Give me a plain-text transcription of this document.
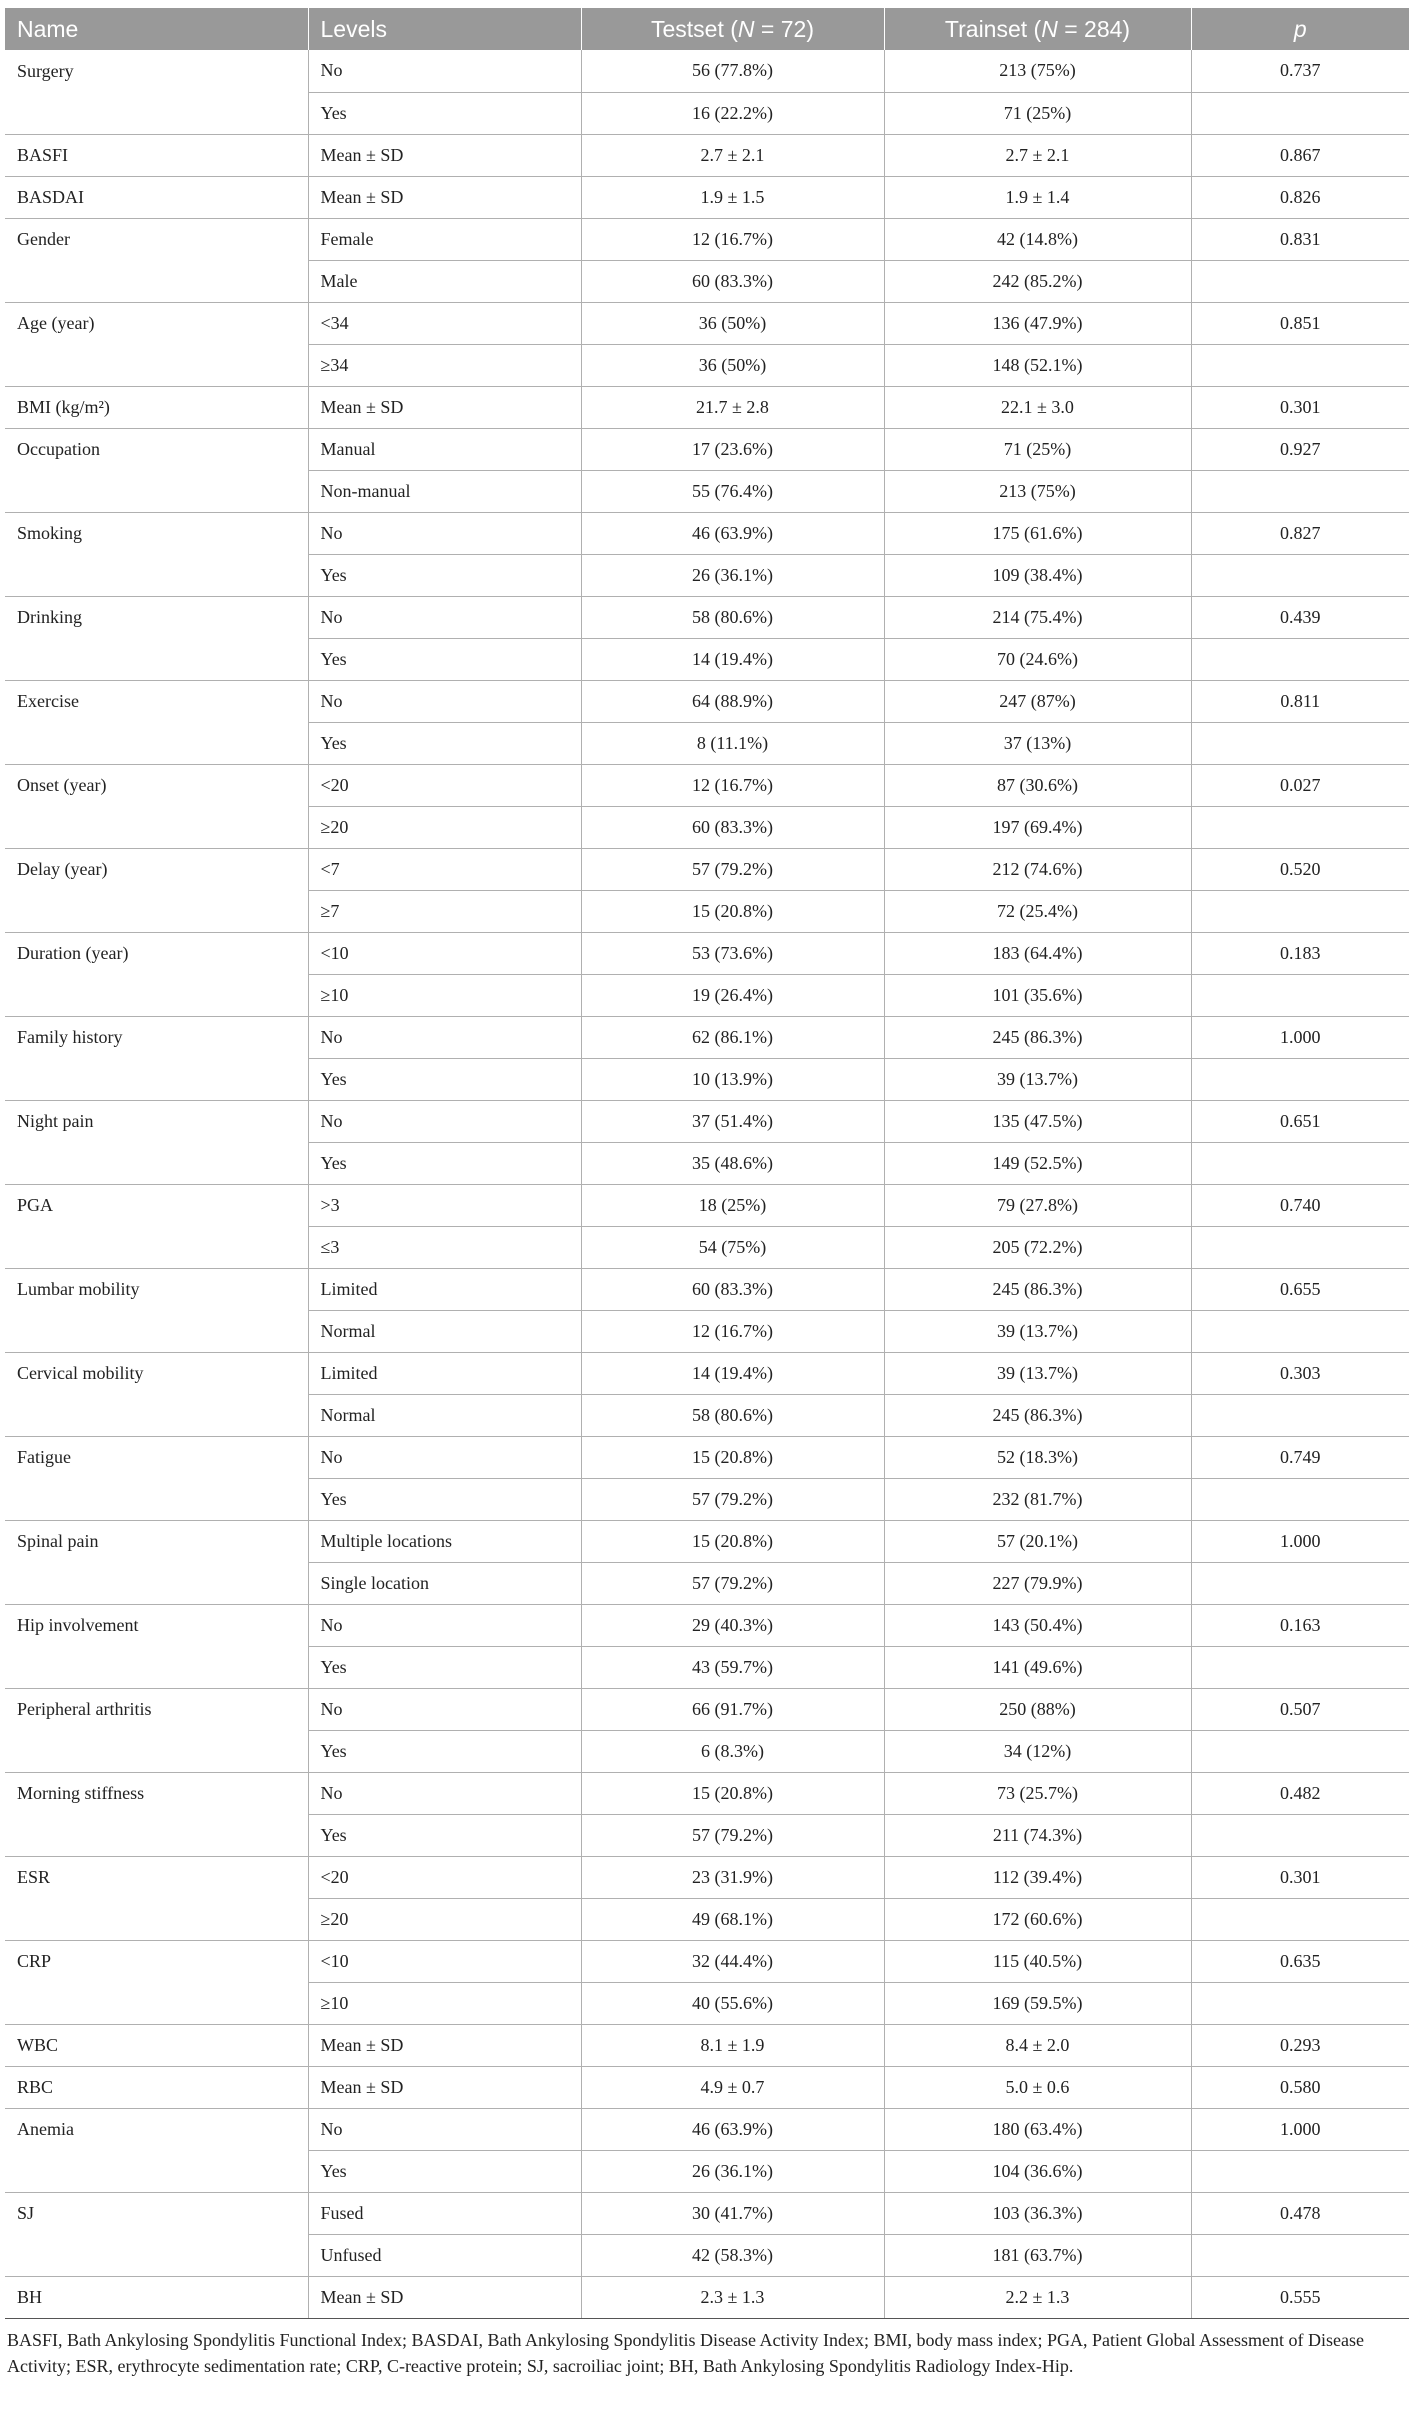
Name	Levels	Testset (N = 72)	Trainset (N = 284)	p
Surgery	No	56 (77.8%)	213 (75%)	0.737
	Yes	16 (22.2%)	71 (25%)	
BASFI	Mean ± SD	2.7 ± 2.1	2.7 ± 2.1	0.867
BASDAI	Mean ± SD	1.9 ± 1.5	1.9 ± 1.4	0.826
Gender	Female	12 (16.7%)	42 (14.8%)	0.831
	Male	60 (83.3%)	242 (85.2%)	
Age (year)	<34	36 (50%)	136 (47.9%)	0.851
	≥34	36 (50%)	148 (52.1%)	
BMI (kg/m²)	Mean ± SD	21.7 ± 2.8	22.1 ± 3.0	0.301
Occupation	Manual	17 (23.6%)	71 (25%)	0.927
	Non-manual	55 (76.4%)	213 (75%)	
Smoking	No	46 (63.9%)	175 (61.6%)	0.827
	Yes	26 (36.1%)	109 (38.4%)	
Drinking	No	58 (80.6%)	214 (75.4%)	0.439
	Yes	14 (19.4%)	70 (24.6%)	
Exercise	No	64 (88.9%)	247 (87%)	0.811
	Yes	8 (11.1%)	37 (13%)	
Onset (year)	<20	12 (16.7%)	87 (30.6%)	0.027
	≥20	60 (83.3%)	197 (69.4%)	
Delay (year)	<7	57 (79.2%)	212 (74.6%)	0.520
	≥7	15 (20.8%)	72 (25.4%)	
Duration (year)	<10	53 (73.6%)	183 (64.4%)	0.183
	≥10	19 (26.4%)	101 (35.6%)	
Family history	No	62 (86.1%)	245 (86.3%)	1.000
	Yes	10 (13.9%)	39 (13.7%)	
Night pain	No	37 (51.4%)	135 (47.5%)	0.651
	Yes	35 (48.6%)	149 (52.5%)	
PGA	>3	18 (25%)	79 (27.8%)	0.740
	≤3	54 (75%)	205 (72.2%)	
Lumbar mobility	Limited	60 (83.3%)	245 (86.3%)	0.655
	Normal	12 (16.7%)	39 (13.7%)	
Cervical mobility	Limited	14 (19.4%)	39 (13.7%)	0.303
	Normal	58 (80.6%)	245 (86.3%)	
Fatigue	No	15 (20.8%)	52 (18.3%)	0.749
	Yes	57 (79.2%)	232 (81.7%)	
Spinal pain	Multiple locations	15 (20.8%)	57 (20.1%)	1.000
	Single location	57 (79.2%)	227 (79.9%)	
Hip involvement	No	29 (40.3%)	143 (50.4%)	0.163
	Yes	43 (59.7%)	141 (49.6%)	
Peripheral arthritis	No	66 (91.7%)	250 (88%)	0.507
	Yes	6 (8.3%)	34 (12%)	
Morning stiffness	No	15 (20.8%)	73 (25.7%)	0.482
	Yes	57 (79.2%)	211 (74.3%)	
ESR	<20	23 (31.9%)	112 (39.4%)	0.301
	≥20	49 (68.1%)	172 (60.6%)	
CRP	<10	32 (44.4%)	115 (40.5%)	0.635
	≥10	40 (55.6%)	169 (59.5%)	
WBC	Mean ± SD	8.1 ± 1.9	8.4 ± 2.0	0.293
RBC	Mean ± SD	4.9 ± 0.7	5.0 ± 0.6	0.580
Anemia	No	46 (63.9%)	180 (63.4%)	1.000
	Yes	26 (36.1%)	104 (36.6%)	
SJ	Fused	30 (41.7%)	103 (36.3%)	0.478
	Unfused	42 (58.3%)	181 (63.7%)	
BH	Mean ± SD	2.3 ± 1.3	2.2 ± 1.3	0.555
BASFI, Bath Ankylosing Spondylitis Functional Index; BASDAI, Bath Ankylosing Spondylitis Disease Activity Index; BMI, body mass index; PGA, Patient Global Assessment of Disease Activity; ESR, erythrocyte sedimentation rate; CRP, C-reactive protein; SJ, sacroiliac joint; BH, Bath Ankylosing Spondylitis Radiology Index-Hip.
